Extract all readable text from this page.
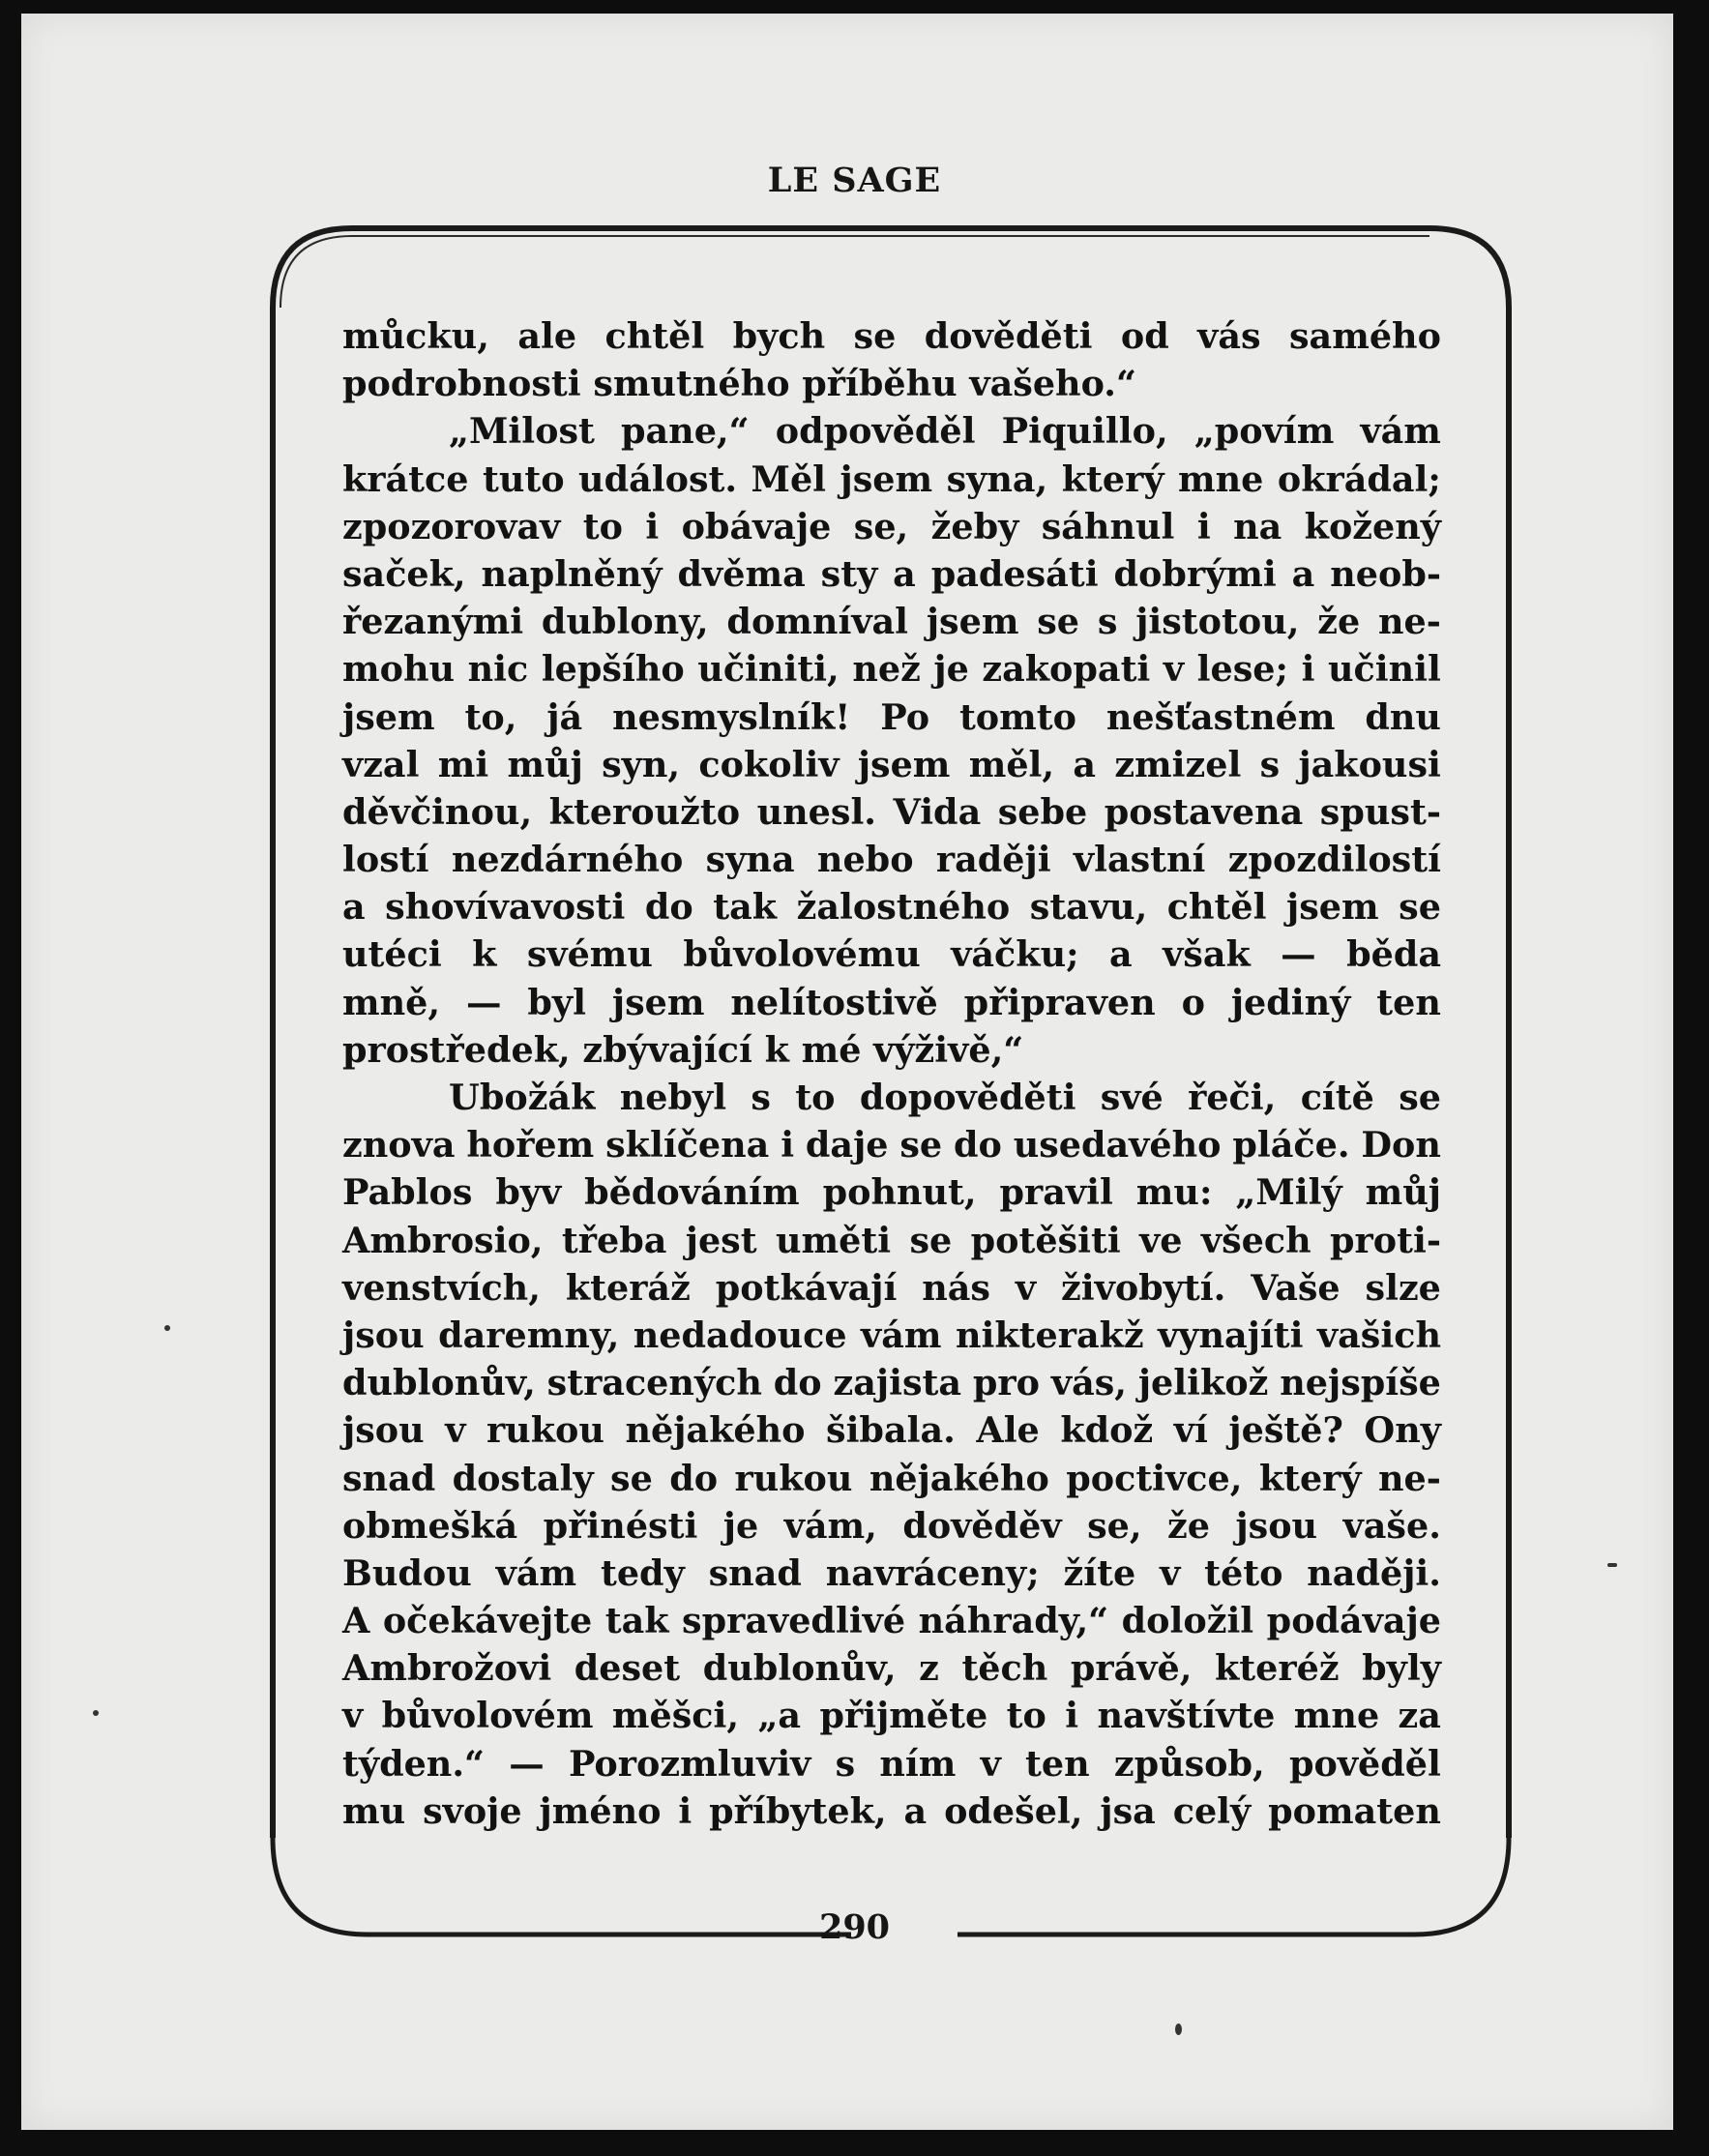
LE SAGE
můcku, ale chtěl bych se dověděti od vás samého
podrobnosti smutného příběhu vašeho.“
„Milost pane,“ odpověděl Piquillo, „povím vám
krátce tuto událost. Měl jsem syna, který mne okrádal;
zpozorovav to i obávaje se, žeby sáhnul i na kožený
saček, naplněný dvěma sty a padesáti dobrými a neob-
řezanými dublony, domníval jsem se s jistotou, že ne-
mohu nic lepšího učiniti, než je zakopati v lese; i učinil
jsem to, já nesmyslník! Po tomto nešťastném dnu
vzal mi můj syn, cokoliv jsem měl, a zmizel s jakousi
děvčinou, kteroužto unesl. Vida sebe postavena spust-
lostí nezdárného syna nebo raději vlastní zpozdilostí
a shovívavosti do tak žalostného stavu, chtěl jsem se
utéci k svému bůvolovému váčku; a však — běda
mně, — byl jsem nelítostivě připraven o jediný ten
prostředek, zbývající k mé výživě,“
Ubožák nebyl s to dopověděti své řeči, cítě se
znova hořem sklíčena i daje se do usedavého pláče. Don
Pablos byv bědováním pohnut, pravil mu: „Milý můj
Ambrosio, třeba jest uměti se potěšiti ve všech proti-
venstvích, kteráž potkávají nás v živobytí. Vaše slze
jsou daremny, nedadouce vám nikterakž vynajíti vašich
dublonův, stracených do zajista pro vás, jelikož nejspíše
jsou v rukou nějakého šibala. Ale kdož ví ještě? Ony
snad dostaly se do rukou nějakého poctivce, který ne-
obmešká přinésti je vám, dověděv se, že jsou vaše.
Budou vám tedy snad navráceny; žíte v této naději.
A očekávejte tak spravedlivé náhrady,“ doložil podávaje
Ambrožovi deset dublonův, z těch právě, kteréž byly
v bůvolovém měšci, „a přijměte to i navštívte mne za
týden.“ — Porozmluviv s ním v ten způsob, pověděl
mu svoje jméno i příbytek, a odešel, jsa celý pomaten
290
